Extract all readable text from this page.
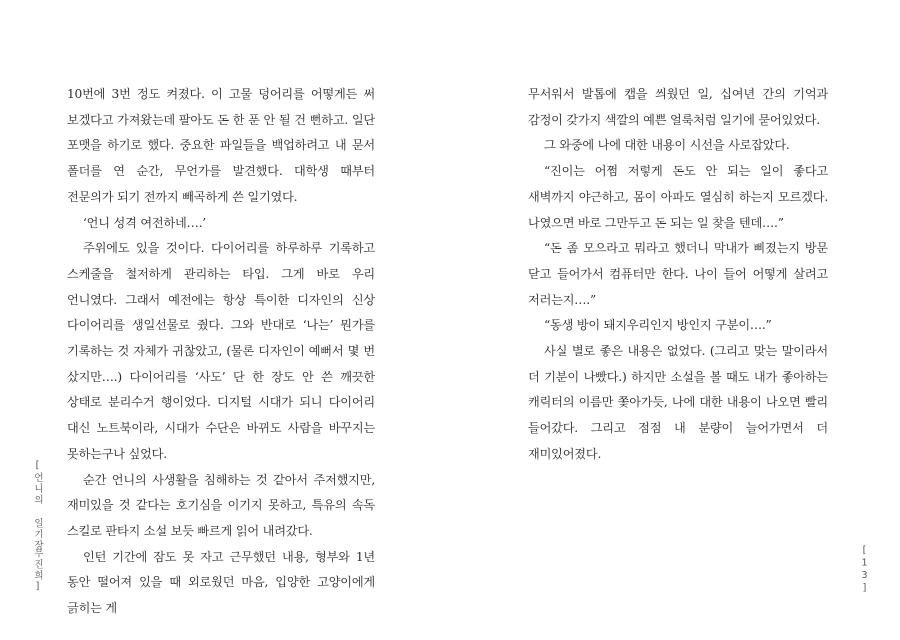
10번에 3번 정도 켜졌다. 이 고물 덩어리를 어떻게든 써 보겠다고 가져왔는데 팔아도 돈 한 푼 안 될 건 뻔하고. 일단 포맷을 하기로 했다. 중요한 파일들을 백업하려고 내 문서 폴더를 연 순간, 무언가를 발견했다. 대학생 때부터 전문의가 되기 전까지 빼곡하게 쓴 일기였다.

‘언니 성격 여전하네….’

주위에도 있을 것이다. 다이어리를 하루하루 기록하고 스케줄을 철저하게 관리하는 타입. 그게 바로 우리 언니였다. 그래서 예전에는 항상 특이한 디자인의 신상 다이어리를 생일선물로 줬다. 그와 반대로 ‘나는’ 뭔가를 기록하는 것 자체가 귀찮았고, (물론 디자인이 예뻐서 몇 번 샀지만….) 다이어리를 ‘사도’ 단 한 장도 안 쓴 깨끗한 상태로 분리수거 행이었다. 디지털 시대가 되니 다이어리 대신 노트북이라, 시대가 수단은 바뀌도 사람을 바꾸지는 못하는구나 싶었다.

순간 언니의 사생활을 침해하는 것 같아서 주저했지만, 재미있을 것 같다는 호기심을 이기지 못하고, 특유의 속독 스킬로 판타지 소설 보듯 빠르게 읽어 내려갔다.

인턴 기간에 잠도 못 자고 근무했던 내용, 형부와 1년 동안 떨어져 있을 때 외로웠던 마음, 입양한 고양이에게 긁히는 게

[언니의 일기장
무진희]

무서워서 발톱에 캡을 씌웠던 일, 십여년 간의 기억과 감정이 갖가지 색깔의 예쁜 얼룩처럼 일기에 묻어있었다.

그 와중에 나에 대한 내용이 시선을 사로잡았다.

“진이는 어쩜 저렇게 돈도 안 되는 일이 좋다고 새벽까지 야근하고, 몸이 아파도 열심히 하는지 모르겠다. 나였으면 바로 그만두고 돈 되는 일 찾을 텐데….”

“돈 좀 모으라고 뭐라고 했더니 막내가 삐졌는지 방문 닫고 들어가서 컴퓨터만 한다. 나이 들어 어떻게 살려고 저러는지….”

“동생 방이 돼지우리인지 방인지 구분이….”

사실 별로 좋은 내용은 없었다. (그리고 맞는 말이라서 더 기분이 나빴다.) 하지만 소설을 볼 때도 내가 좋아하는 캐릭터의 이름만 쫓아가듯, 나에 대한 내용이 나오면 빨리 들어갔다. 그리고 점점 내 분량이 늘어가면서 더 재미있어졌다.

[13]
